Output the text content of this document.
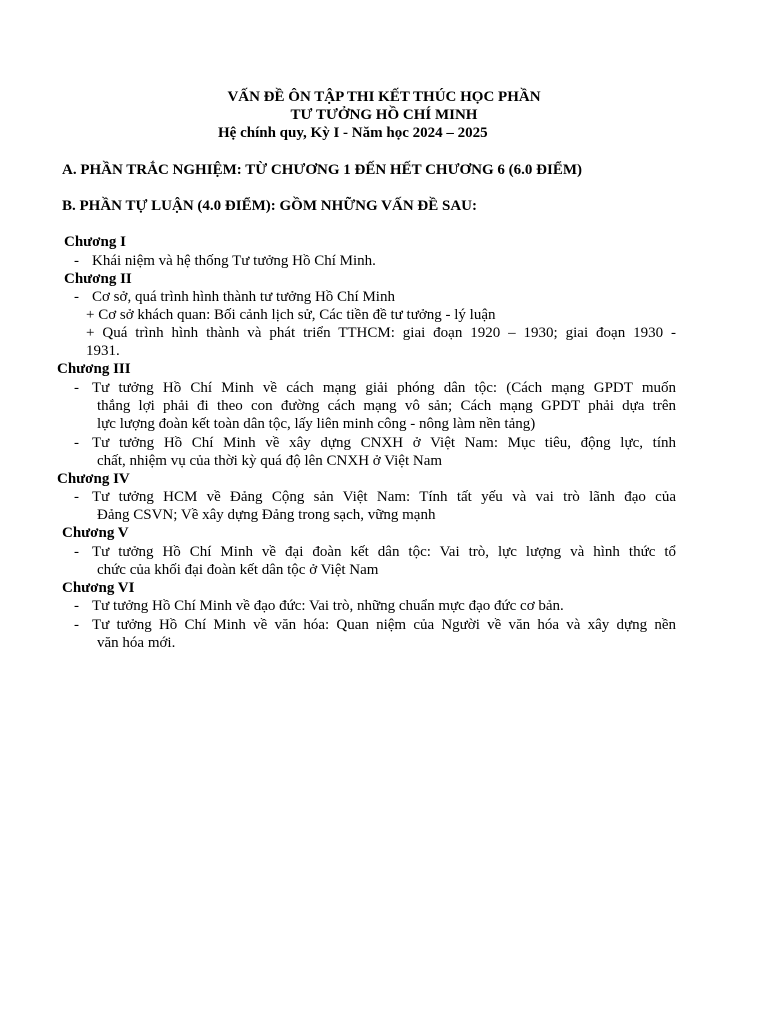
VẤN ĐỀ ÔN TẬP THI KẾT THÚC HỌC PHẦN
TƯ TƯỞNG HỒ CHÍ MINH
Hệ chính quy, Kỳ I - Năm học 2024 – 2025
A. PHẦN TRẮC NGHIỆM: TỪ CHƯƠNG 1 ĐẾN HẾT CHƯƠNG 6 (6.0 ĐIỂM)
B. PHẦN TỰ LUẬN (4.0 ĐIỂM): GỒM NHỮNG VẤN ĐỀ SAU:
Chương I
- Khái niệm và hệ thống Tư tưởng Hồ Chí Minh.
Chương II
- Cơ sở, quá trình hình thành tư tưởng Hồ Chí Minh
+ Cơ sở khách quan: Bối cảnh lịch sử, Các tiền đề tư tưởng - lý luận
+ Quá trình hình thành và phát triển TTHCM: giai đoạn 1920 – 1930; giai đoạn 1930 -
1931.
Chương III
- Tư tưởng Hồ Chí Minh về cách mạng giải phóng dân tộc: (Cách mạng GPDT muốn
thắng lợi phải đi theo con đường cách mạng vô sản; Cách mạng GPDT phải dựa trên
lực lượng đoàn kết toàn dân tộc, lấy liên minh công - nông làm nền tảng)
- Tư tưởng Hồ Chí Minh về xây dựng CNXH ở Việt Nam: Mục tiêu, động lực, tính
chất, nhiệm vụ của thời kỳ quá độ lên CNXH ở Việt Nam
Chương IV
- Tư tưởng HCM về Đảng Cộng sản Việt Nam: Tính tất yếu và vai trò lãnh đạo của
Đảng CSVN; Về xây dựng Đảng trong sạch, vững mạnh
Chương V
- Tư tưởng Hồ Chí Minh về đại đoàn kết dân tộc: Vai trò, lực lượng và hình thức tổ
chức của khối đại đoàn kết dân tộc ở Việt Nam
Chương VI
- Tư tưởng Hồ Chí Minh về đạo đức: Vai trò, những chuẩn mực đạo đức cơ bản.
- Tư tưởng Hồ Chí Minh về văn hóa: Quan niệm của Người về văn hóa và xây dựng nền
văn hóa mới.
